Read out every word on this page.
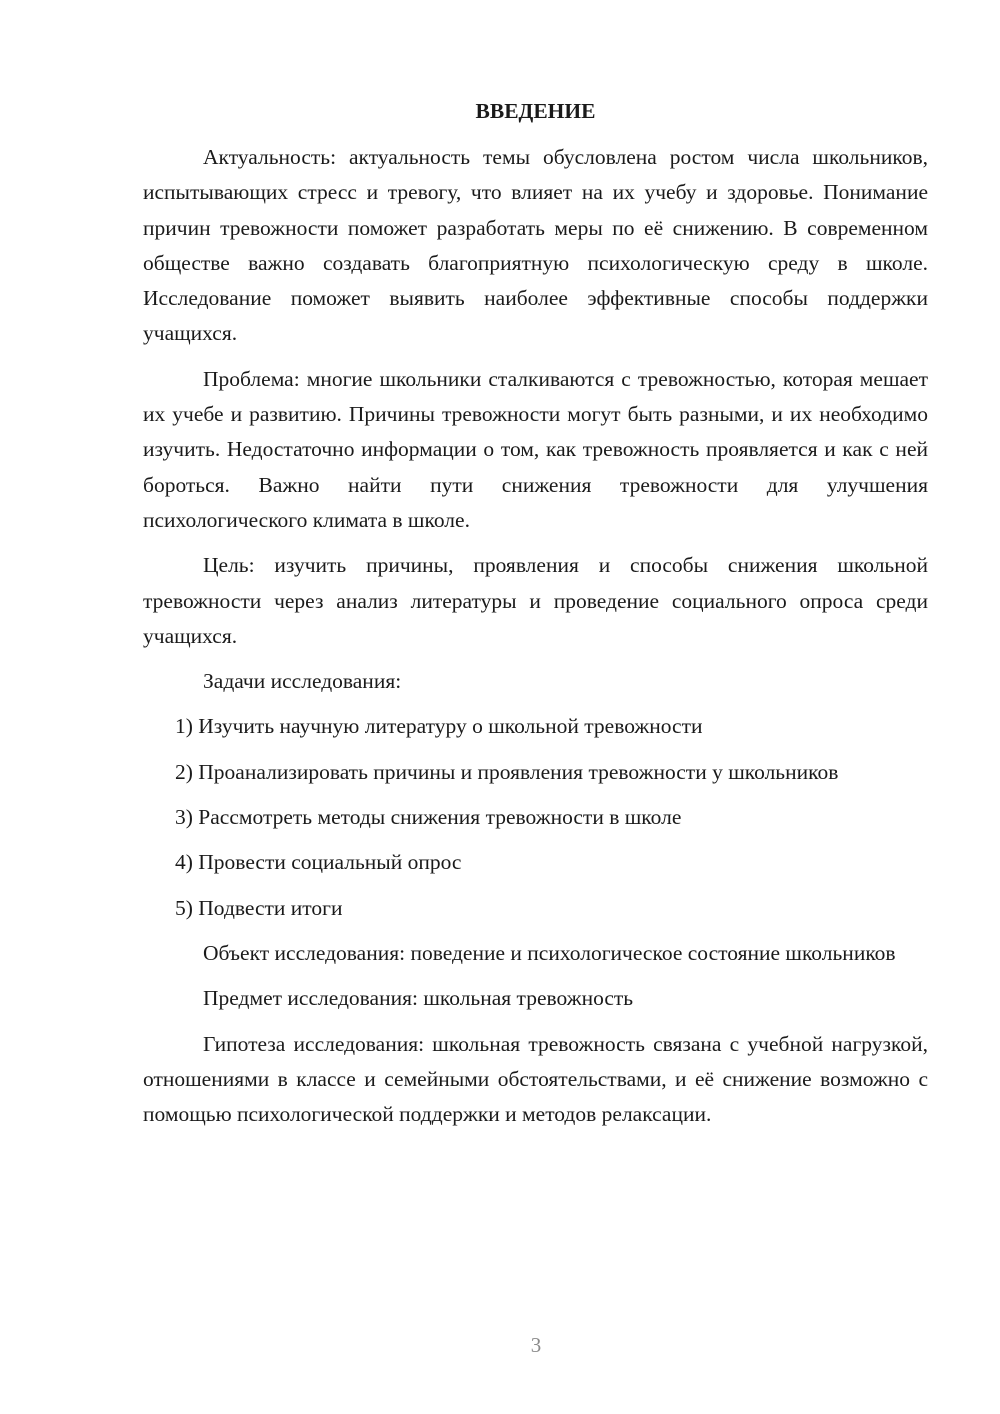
ВВЕДЕНИЕ

Актуальность: актуальность темы обусловлена ростом числа школьников, испытывающих стресс и тревогу, что влияет на их учебу и здоровье. Понимание причин тревожности поможет разработать меры по её снижению. В современном обществе важно создавать благоприятную психологическую среду в школе. Исследование поможет выявить наиболее эффективные способы поддержки учащихся.

Проблема: многие школьники сталкиваются с тревожностью, которая мешает их учебе и развитию. Причины тревожности могут быть разными, и их необходимо изучить. Недостаточно информации о том, как тревожность проявляется и как с ней бороться. Важно найти пути снижения тревожности для улучшения психологического климата в школе.

Цель: изучить причины, проявления и способы снижения школьной тревожности через анализ литературы и проведение социального опроса среди учащихся.

Задачи исследования:

1) Изучить научную литературу о школьной тревожности

2) Проанализировать причины и проявления тревожности у школьников

3) Рассмотреть методы снижения тревожности в школе

4) Провести социальный опрос

5) Подвести итоги

Объект исследования: поведение и психологическое состояние школьников

Предмет исследования: школьная тревожность

Гипотеза исследования: школьная тревожность связана с учебной нагрузкой, отношениями в классе и семейными обстоятельствами, и её снижение возможно с помощью психологической поддержки и методов релаксации.

3
